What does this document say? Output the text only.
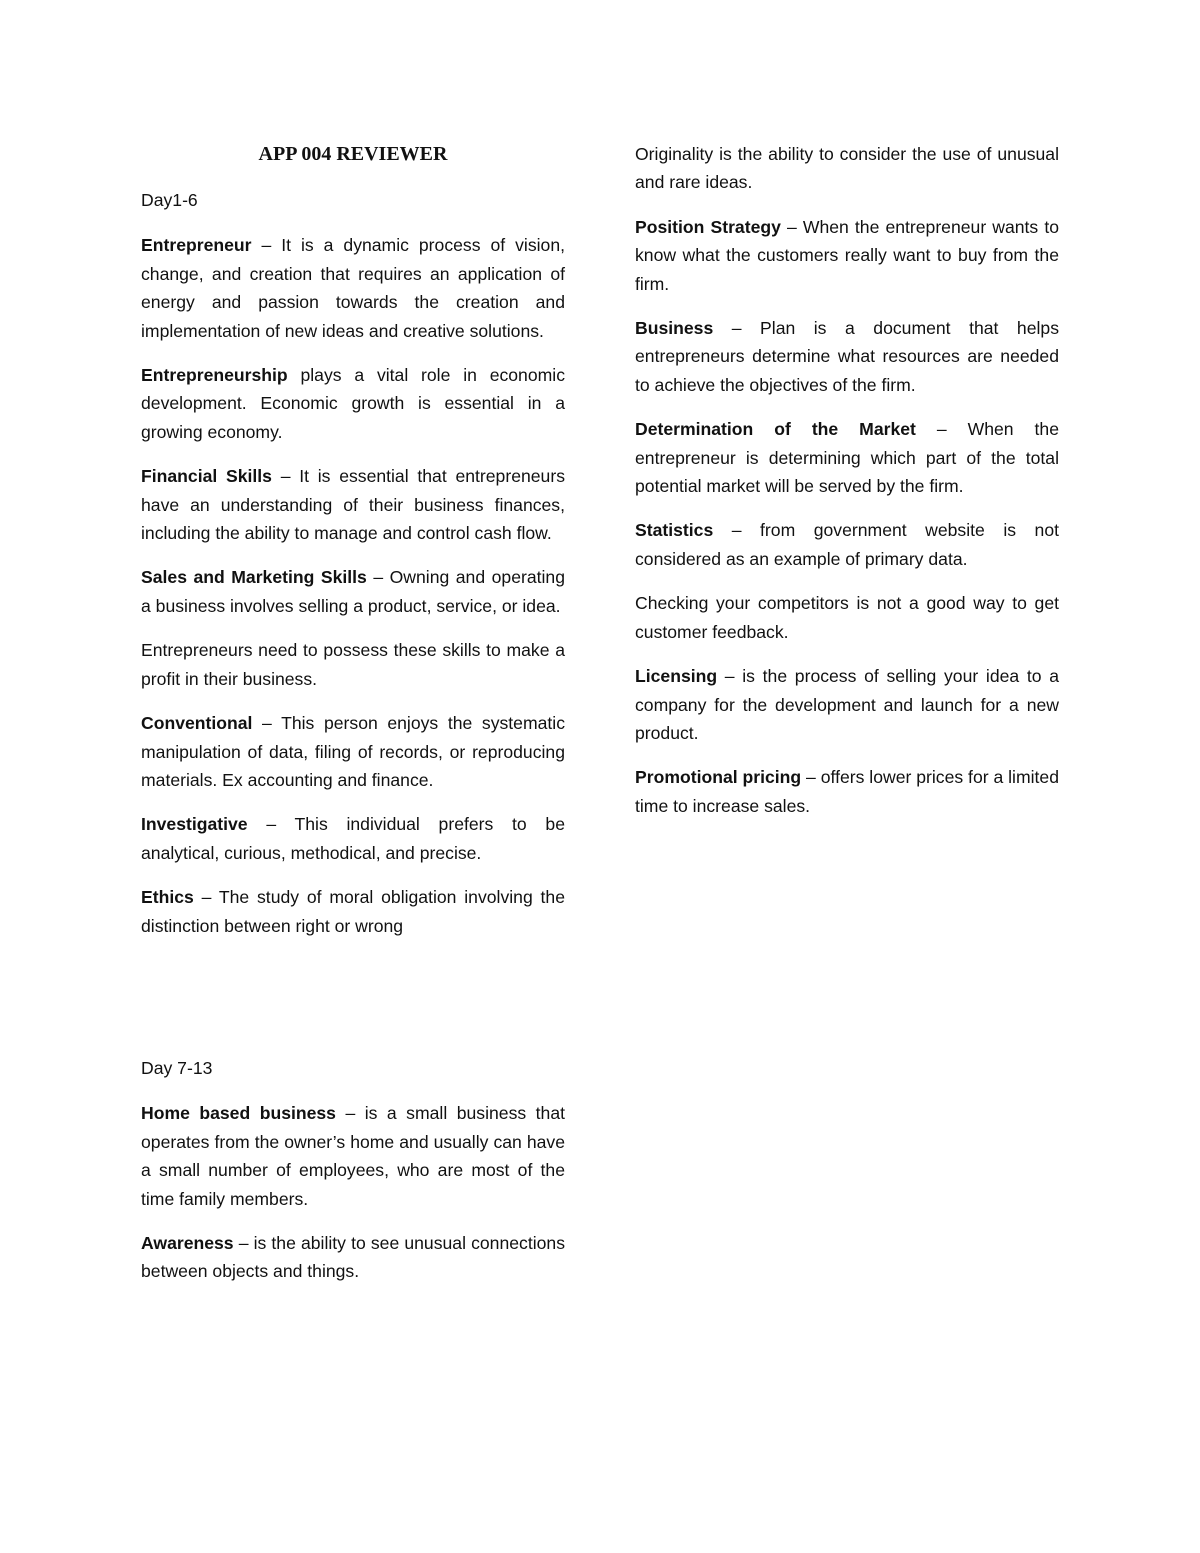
APP 004 REVIEWER
Day1-6

Entrepreneur – It is a dynamic process of vision, change, and creation that requires an application of energy and passion towards the creation and implementation of new ideas and creative solutions.

Entrepreneurship plays a vital role in economic development. Economic growth is essential in a growing economy.

Financial Skills – It is essential that entrepreneurs have an understanding of their business finances, including the ability to manage and control cash flow.

Sales and Marketing Skills – Owning and operating a business involves selling a product, service, or idea.

Entrepreneurs need to possess these skills to make a profit in their business.

Conventional – This person enjoys the systematic manipulation of data, filing of records, or reproducing materials. Ex accounting and finance.

Investigative – This individual prefers to be analytical, curious, methodical, and precise.

Ethics – The study of moral obligation involving the distinction between right or wrong

Day 7-13

Home based business – is a small business that operates from the owner’s home and usually can have a small number of employees, who are most of the time family members.

Awareness – is the ability to see unusual connections between objects and things.

Originality is the ability to consider the use of unusual and rare ideas.

Position Strategy – When the entrepreneur wants to know what the customers really want to buy from the firm.

Business – Plan is a document that helps entrepreneurs determine what resources are needed to achieve the objectives of the firm.

Determination of the Market – When the entrepreneur is determining which part of the total potential market will be served by the firm.

Statistics – from government website is not considered as an example of primary data.

Checking your competitors is not a good way to get customer feedback.

Licensing – is the process of selling your idea to a company for the development and launch for a new product.

Promotional pricing – offers lower prices for a limited time to increase sales.
